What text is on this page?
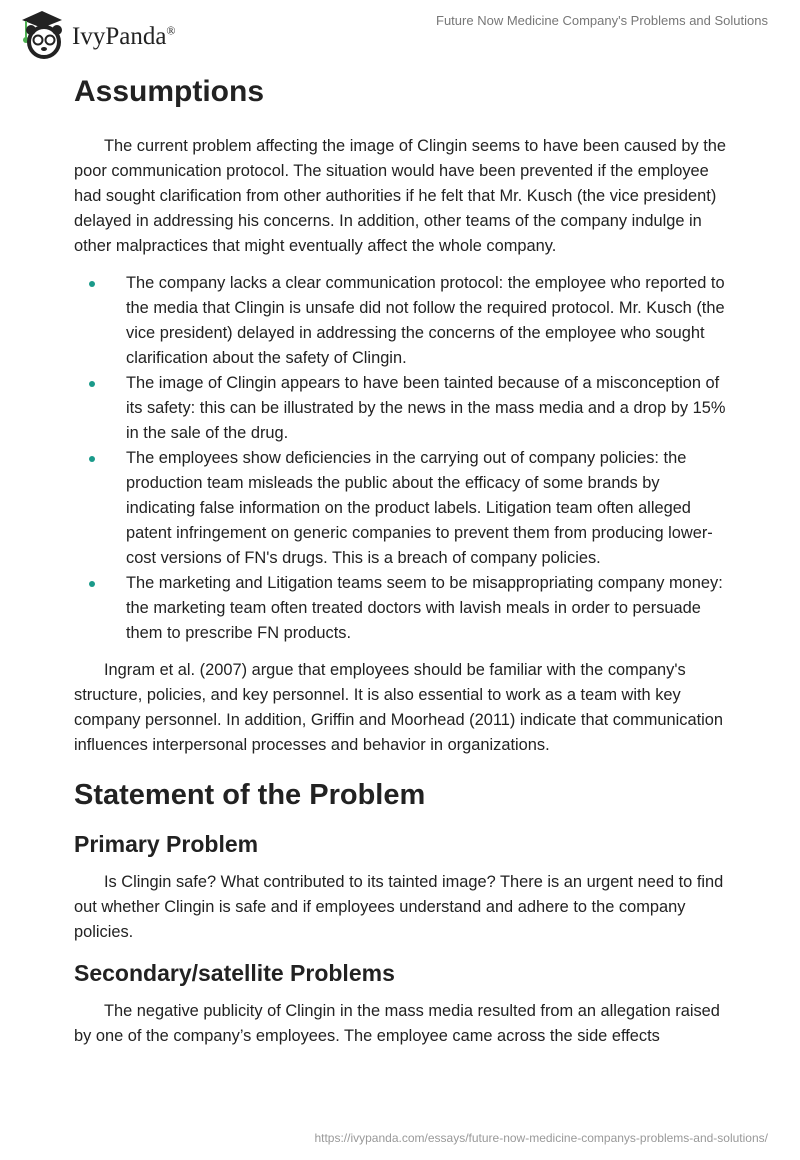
IvyPanda®
Future Now Medicine Company's Problems and Solutions
Assumptions

The current problem affecting the image of Clingin seems to have been caused by the poor communication protocol. The situation would have been prevented if the employee had sought clarification from other authorities if he felt that Mr. Kusch (the vice president) delayed in addressing his concerns. In addition, other teams of the company indulge in other malpractices that might eventually affect the whole company.

The company lacks a clear communication protocol: the employee who reported to the media that Clingin is unsafe did not follow the required protocol. Mr. Kusch (the vice president) delayed in addressing the concerns of the employee who sought clarification about the safety of Clingin.
The image of Clingin appears to have been tainted because of a misconception of its safety: this can be illustrated by the news in the mass media and a drop by 15% in the sale of the drug.
The employees show deficiencies in the carrying out of company policies: the production team misleads the public about the efficacy of some brands by indicating false information on the product labels. Litigation team often alleged patent infringement on generic companies to prevent them from producing lower-cost versions of FN's drugs. This is a breach of company policies.
The marketing and Litigation teams seem to be misappropriating company money: the marketing team often treated doctors with lavish meals in order to persuade them to prescribe FN products.

Ingram et al. (2007) argue that employees should be familiar with the company's structure, policies, and key personnel. It is also essential to work as a team with key company personnel. In addition, Griffin and Moorhead (2011) indicate that communication influences interpersonal processes and behavior in organizations.

Statement of the Problem
Primary Problem

Is Clingin safe? What contributed to its tainted image? There is an urgent need to find out whether Clingin is safe and if employees understand and adhere to the company policies.

Secondary/satellite Problems

The negative publicity of Clingin in the mass media resulted from an allegation raised by one of the company’s employees. The employee came across the side effects

https://ivypanda.com/essays/future-now-medicine-companys-problems-and-solutions/
